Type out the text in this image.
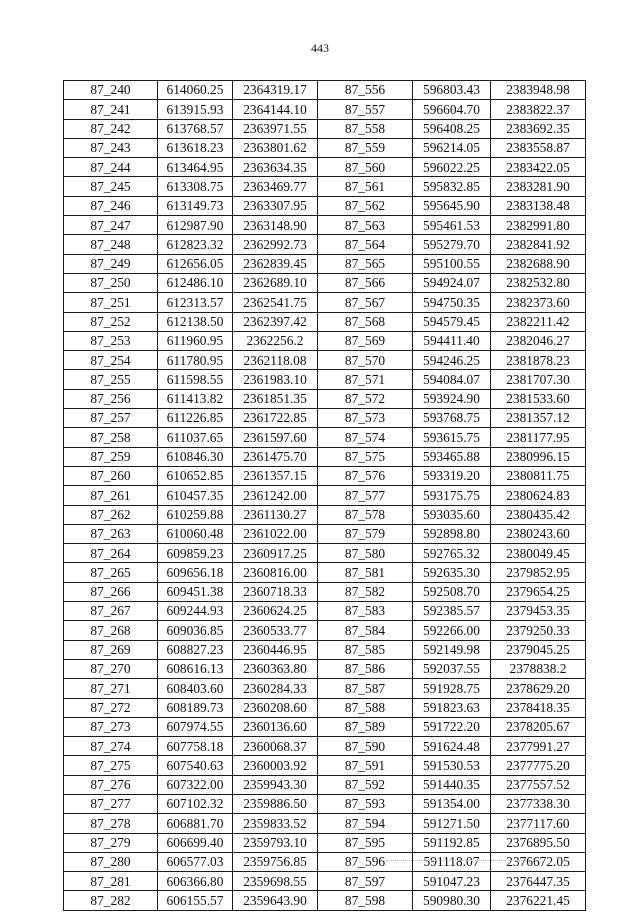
443
87_240	614060.25	2364319.17	87_556	596803.43	2383948.98
87_241	613915.93	2364144.10	87_557	596604.70	2383822.37
87_242	613768.57	2363971.55	87_558	596408.25	2383692.35
87_243	613618.23	2363801.62	87_559	596214.05	2383558.87
87_244	613464.95	2363634.35	87_560	596022.25	2383422.05
87_245	613308.75	2363469.77	87_561	595832.85	2383281.90
87_246	613149.73	2363307.95	87_562	595645.90	2383138.48
87_247	612987.90	2363148.90	87_563	595461.53	2382991.80
87_248	612823.32	2362992.73	87_564	595279.70	2382841.92
87_249	612656.05	2362839.45	87_565	595100.55	2382688.90
87_250	612486.10	2362689.10	87_566	594924.07	2382532.80
87_251	612313.57	2362541.75	87_567	594750.35	2382373.60
87_252	612138.50	2362397.42	87_568	594579.45	2382211.42
87_253	611960.95	2362256.2	87_569	594411.40	2382046.27
87_254	611780.95	2362118.08	87_570	594246.25	2381878.23
87_255	611598.55	2361983.10	87_571	594084.07	2381707.30
87_256	611413.82	2361851.35	87_572	593924.90	2381533.60
87_257	611226.85	2361722.85	87_573	593768.75	2381357.12
87_258	611037.65	2361597.60	87_574	593615.75	2381177.95
87_259	610846.30	2361475.70	87_575	593465.88	2380996.15
87_260	610652.85	2361357.15	87_576	593319.20	2380811.75
87_261	610457.35	2361242.00	87_577	593175.75	2380624.83
87_262	610259.88	2361130.27	87_578	593035.60	2380435.42
87_263	610060.48	2361022.00	87_579	592898.80	2380243.60
87_264	609859.23	2360917.25	87_580	592765.32	2380049.45
87_265	609656.18	2360816.00	87_581	592635.30	2379852.95
87_266	609451.38	2360718.33	87_582	592508.70	2379654.25
87_267	609244.93	2360624.25	87_583	592385.57	2379453.35
87_268	609036.85	2360533.77	87_584	592266.00	2379250.33
87_269	608827.23	2360446.95	87_585	592149.98	2379045.25
87_270	608616.13	2360363.80	87_586	592037.55	2378838.2
87_271	608403.60	2360284.33	87_587	591928.75	2378629.20
87_272	608189.73	2360208.60	87_588	591823.63	2378418.35
87_273	607974.55	2360136.60	87_589	591722.20	2378205.67
87_274	607758.18	2360068.37	87_590	591624.48	2377991.27
87_275	607540.63	2360003.92	87_591	591530.53	2377775.20
87_276	607322.00	2359943.30	87_592	591440.35	2377557.52
87_277	607102.32	2359886.50	87_593	591354.00	2377338.30
87_278	606881.70	2359833.52	87_594	591271.50	2377117.60
87_279	606699.40	2359793.10	87_595	591192.85	2376895.50
87_280	606577.03	2359756.85	87_596	591118.07	2376672.05
87_281	606366.80	2359698.55	87_597	591047.23	2376447.35
87_282	606155.57	2359643.90	87_598	590980.30	2376221.45
